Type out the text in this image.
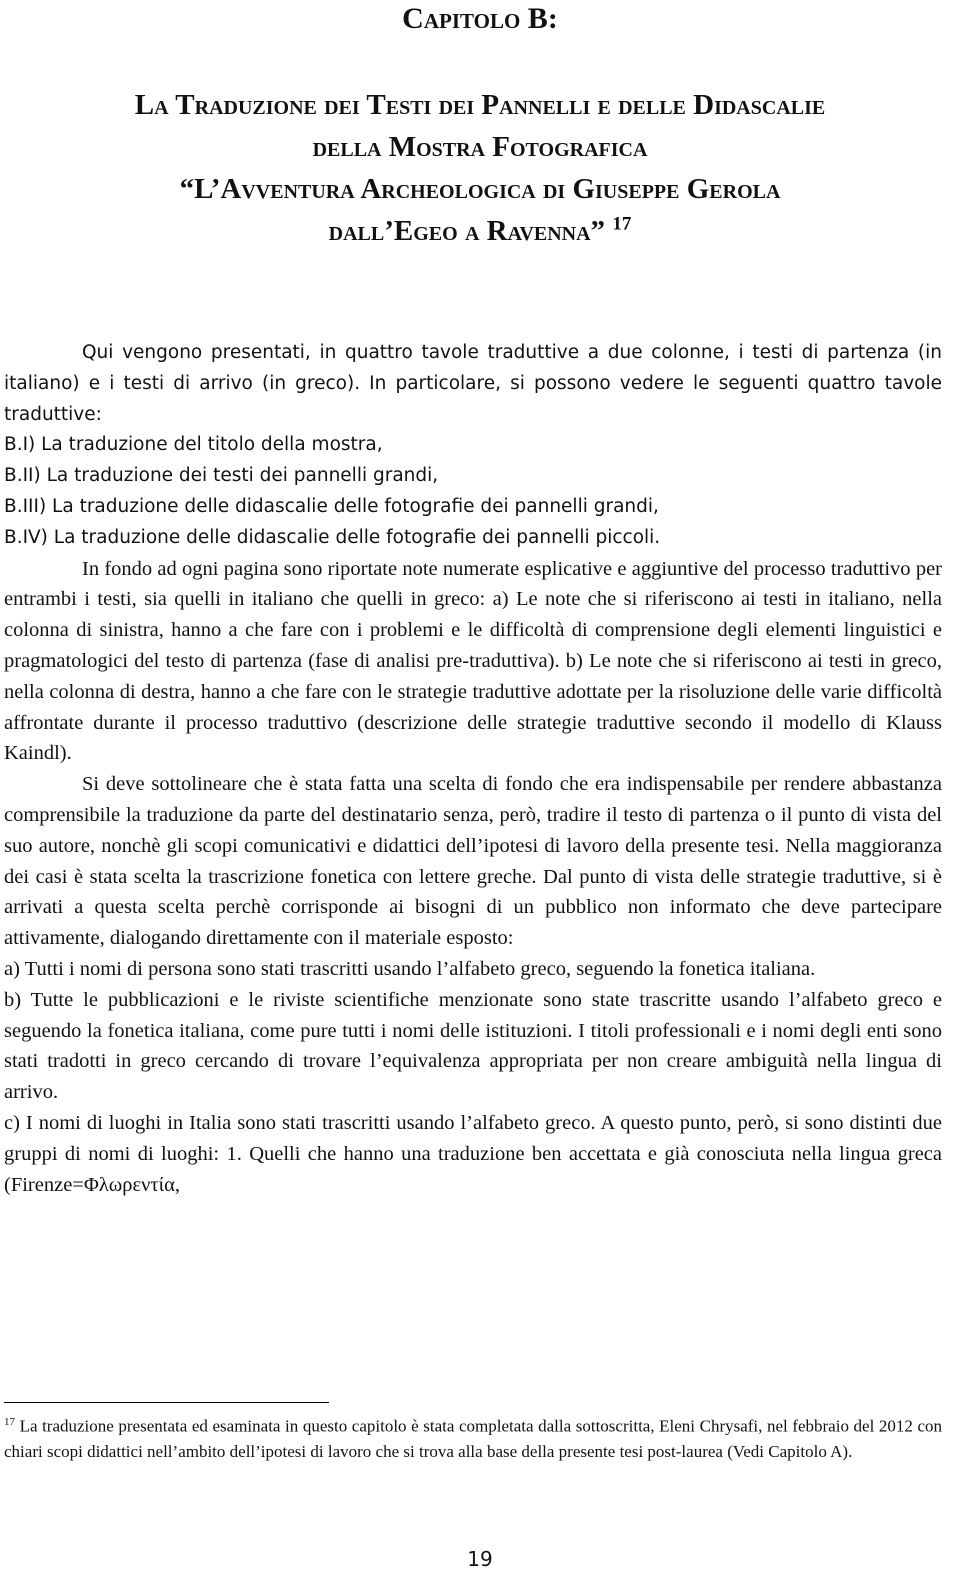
Capitolo B:
La Traduzione dei Testi dei Pannelli e delle Didascalie
della Mostra Fotografica
“L’Avventura Archeologica di Giuseppe Gerola
dall’Egeo a Ravenna” $^{17}$
Qui vengono presentati, in quattro tavole traduttive a due colonne, i testi di partenza (in italiano) e i testi di arrivo (in greco). In particolare, si possono vedere le seguenti quattro tavole traduttive:
B.I) La traduzione del titolo della mostra,
B.II) La traduzione dei testi dei pannelli grandi,
B.III) La traduzione delle didascalie delle fotografie dei pannelli grandi,
B.IV) La traduzione delle didascalie delle fotografie dei pannelli piccoli.

In fondo ad ogni pagina sono riportate note numerate esplicative e aggiuntive del processo traduttivo per entrambi i testi, sia quelli in italiano che quelli in greco: a) Le note che si riferiscono ai testi in italiano, nella colonna di sinistra, hanno a che fare con i problemi e le difficoltà di comprensione degli elementi linguistici e pragmatologici del testo di partenza (fase di analisi pre-traduttiva). b) Le note che si riferiscono ai testi in greco, nella colonna di destra, hanno a che fare con le strategie traduttive adottate per la risoluzione delle varie difficoltà affrontate durante il processo traduttivo (descrizione delle strategie traduttive secondo il modello di Klauss Kaindl).

Si deve sottolineare che è stata fatta una scelta di fondo che era indispensabile per rendere abbastanza comprensibile la traduzione da parte del destinatario senza, però, tradire il testo di partenza o il punto di vista del suo autore, nonchè gli scopi comunicativi e didattici dell’ipotesi di lavoro della presente tesi. Nella maggioranza dei casi è stata scelta la trascrizione fonetica con lettere greche. Dal punto di vista delle strategie traduttive, si è arrivati a questa scelta perchè corrisponde ai bisogni di un pubblico non informato che deve partecipare attivamente, dialogando direttamente con il materiale esposto:

a) Tutti i nomi di persona sono stati trascritti usando l’alfabeto greco, seguendo la fonetica italiana.

b) Tutte le pubblicazioni e le riviste scientifiche menzionate sono state trascritte usando l’alfabeto greco e seguendo la fonetica italiana, come pure tutti i nomi delle istituzioni. I titoli professionali e i nomi degli enti sono stati tradotti in greco cercando di trovare l’equivalenza appropriata per non creare ambiguità nella lingua di arrivo.

c) I nomi di luoghi in Italia sono stati trascritti usando l’alfabeto greco. A questo punto, però, si sono distinti due gruppi di nomi di luoghi: 1. Quelli che hanno una traduzione ben accettata e già conosciuta nella lingua greca (Firenze=Φλωρεντία,

$^{17}$ La traduzione presentata ed esaminata in questo capitolo è stata completata dalla sottoscritta, Eleni Chrysafi, nel febbraio del 2012 con chiari scopi didattici nell’ambito dell’ipotesi di lavoro che si trova alla base della presente tesi post-laurea (Vedi Capitolo A).
19
